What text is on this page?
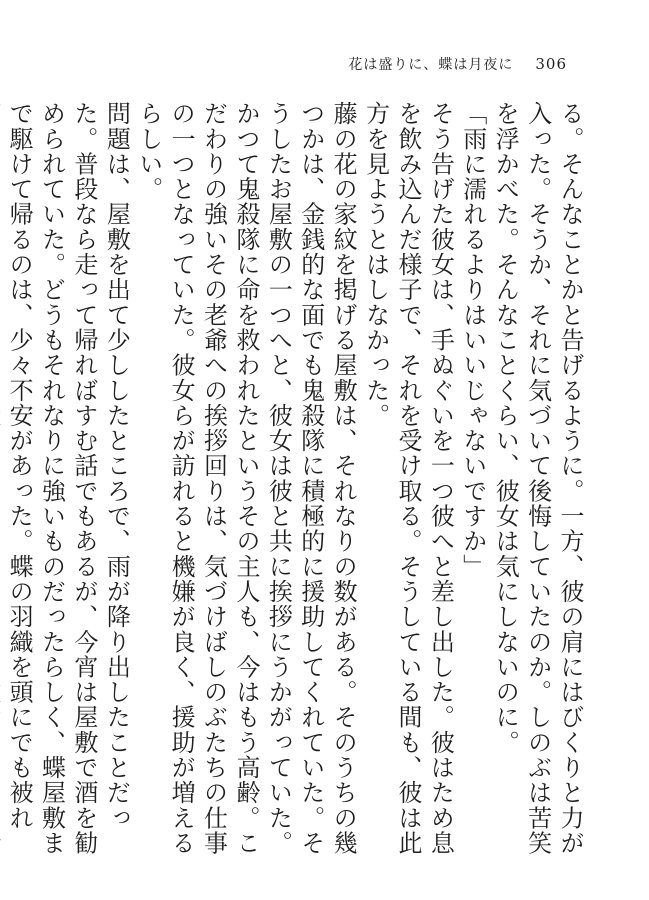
花は盛りに、蝶は月夜に 306

る。そんなことかと告げるように。一方、彼の肩にはびくりと力が入った。そうか、それに気づいて後悔していたのか。しのぶは苦笑を浮かべた。そんなことくらい、彼女は気にしないのに。

「雨に濡れるよりはいいじゃないですか」

そう告げた彼女は、手ぬぐいを一つ彼へと差し出した。彼はため息を飲み込んだ様子で、それを受け取る。そうしている間も、彼は此方を見ようとはしなかった。

藤の花の家紋を掲げる屋敷は、それなりの数がある。そのうちの幾つかは、金銭的な面でも鬼殺隊に積極的に援助してくれていた。そうしたお屋敷の一つへと、彼女は彼と共に挨拶にうかがっていた。かつて鬼殺隊に命を救われたというその主人も、今はもう高齢。こだわりの強いその老爺への挨拶回りは、気づけばしのぶたちの仕事の一つとなっていた。彼女らが訪れると機嫌が良く、援助が増えるらしい。

問題は、屋敷を出て少ししたところで、雨が降り出したことだった。普段なら走って帰ればすむ話でもあるが、今宵は屋敷で酒を勧められていた。どうもそれなりに強いものだったらしく、蝶屋敷まで駆けて帰るのは、少々不安があった。蝶の羽織を頭にでも被れ
